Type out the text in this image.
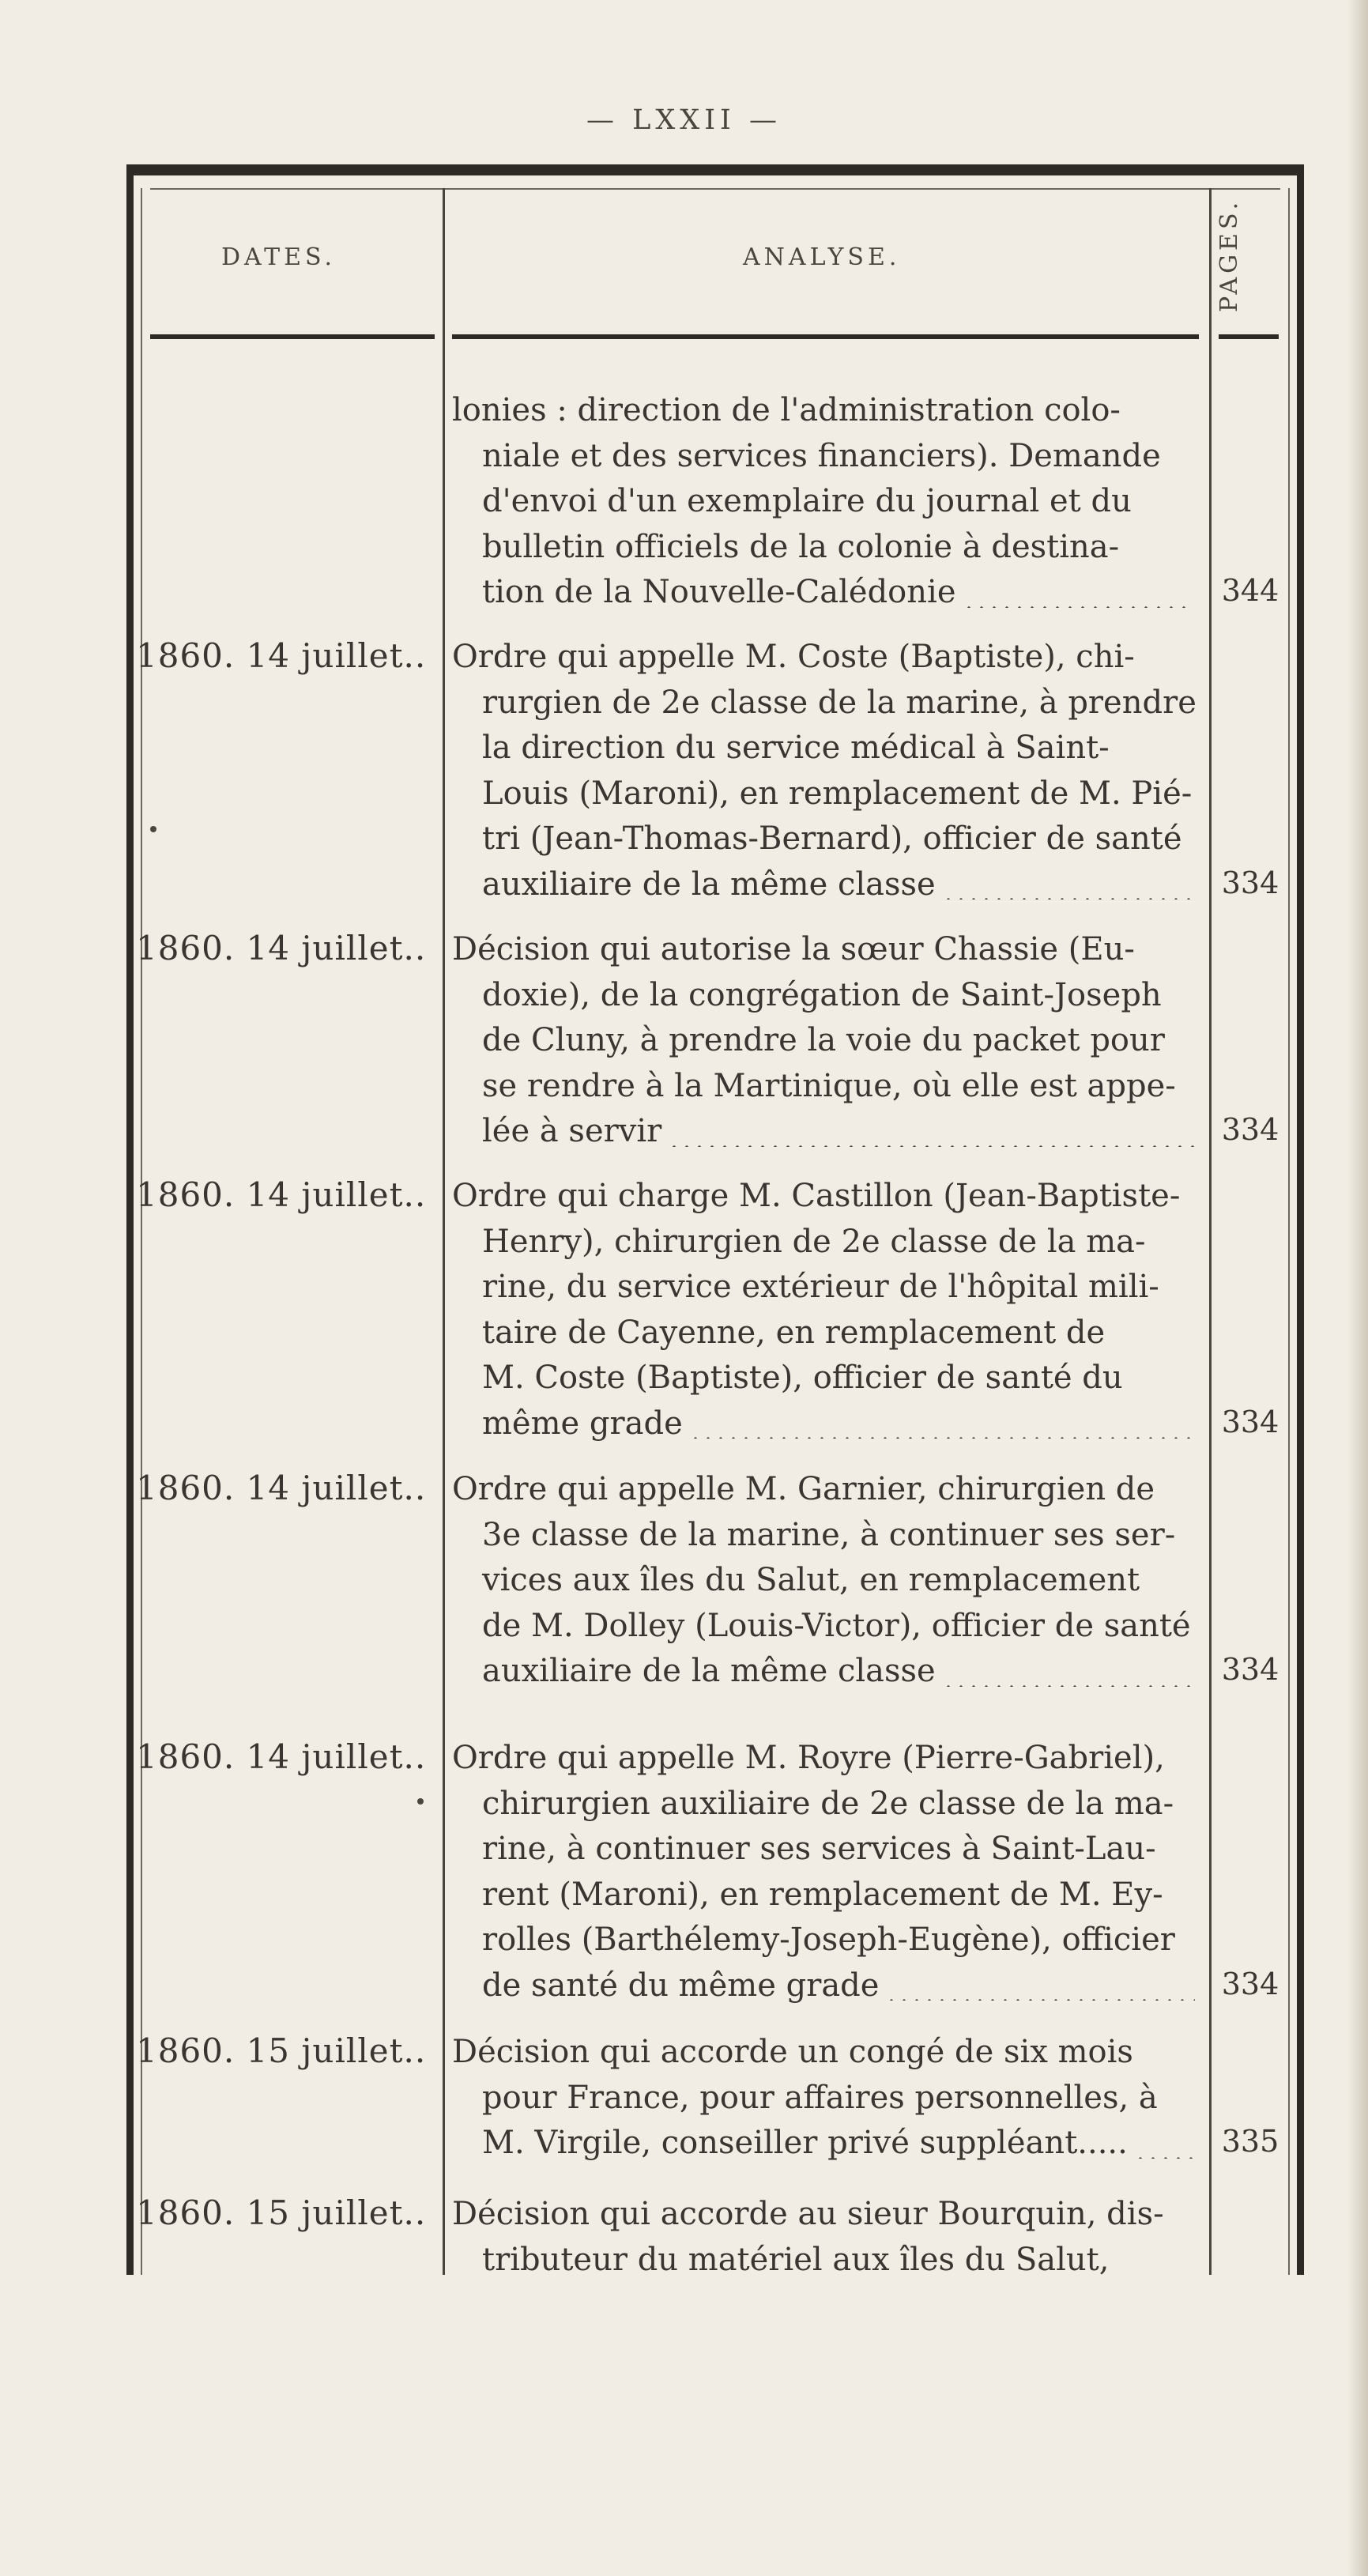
— LXXII —
DATES.	ANALYSE.	PAGES.
lonies : direction de l'administration colo-
niale et des services financiers). Demande
d'envoi d'un exemplaire du journal et du
bulletin officiels de la colonie à destina-
tion de la Nouvelle-Calédonie	344
1860. 14 juillet.. Ordre qui appelle M. Coste (Baptiste), chi-
rurgien de 2e classe de la marine, à prendre
la direction du service médical à Saint-
Louis (Maroni), en remplacement de M. Pié-
tri (Jean-Thomas-Bernard), officier de santé
auxiliaire de la même classe	334
1860. 14 juillet.. Décision qui autorise la sœur Chassie (Eu-
doxie), de la congrégation de Saint-Joseph
de Cluny, à prendre la voie du packet pour
se rendre à la Martinique, où elle est appe-
lée à servir	334
1860. 14 juillet.. Ordre qui charge M. Castillon (Jean-Baptiste-
Henry), chirurgien de 2e classe de la ma-
rine, du service extérieur de l'hôpital mili-
taire de Cayenne, en remplacement de
M. Coste (Baptiste), officier de santé du
même grade	334
1860. 14 juillet.. Ordre qui appelle M. Garnier, chirurgien de
3e classe de la marine, à continuer ses ser-
vices aux îles du Salut, en remplacement
de M. Dolley (Louis-Victor), officier de santé
auxiliaire de la même classe	334
1860. 14 juillet.. Ordre qui appelle M. Royre (Pierre-Gabriel),
chirurgien auxiliaire de 2e classe de la ma-
rine, à continuer ses services à Saint-Lau-
rent (Maroni), en remplacement de M. Ey-
rolles (Barthélemy-Joseph-Eugène), officier
de santé du même grade	334
1860. 15 juillet.. Décision qui accorde un congé de six mois
pour France, pour affaires personnelles, à
M. Virgile, conseiller privé suppléant.....	335
1860. 15 juillet.. Décision qui accorde au sieur Bourquin, dis-
tributeur du matériel aux îles du Salut,
